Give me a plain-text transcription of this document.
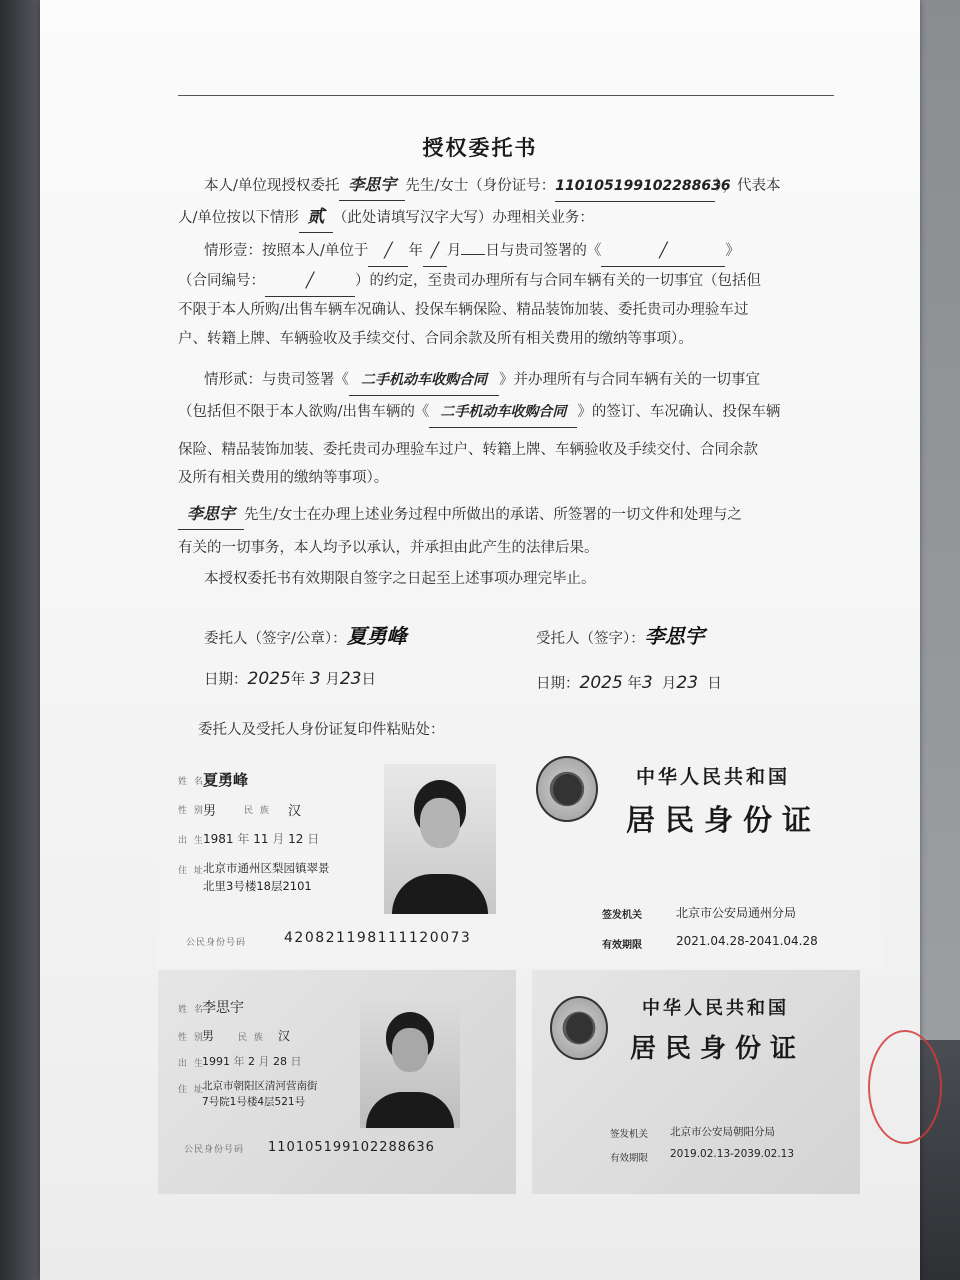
授权委托书
本人/单位现授权委托 李思宇 先生/女士（身份证号：110105199102288636），代表本
人/单位按以下情形 贰 （此处请填写汉字大写）办理相关业务：
情形壹：按照本人/单位于 ╱ 年 ╱ 月 日与贵司签署的《	╱	》
（合同编号：	╱	）的约定，至贵司办理所有与合同车辆有关的一切事宜（包括但
不限于本人所购/出售车辆车况确认、投保车辆保险、精品装饰加装、委托贵司办理验车过
户、转籍上牌、车辆验收及手续交付、合同余款及所有相关费用的缴纳等事项）。
情形贰：与贵司签署《 二手机动车收购合同 》并办理所有与合同车辆有关的一切事宜
（包括但不限于本人欲购/出售车辆的《 二手机动车收购合同 》的签订、车况确认、投保车辆
保险、精品装饰加装、委托贵司办理验车过户、转籍上牌、车辆验收及手续交付、合同余款
及所有相关费用的缴纳等事项）。
李思宇 先生/女士在办理上述业务过程中所做出的承诺、所签署的一切文件和处理与之
有关的一切事务，本人均予以承认，并承担由此产生的法律后果。
本授权委托书有效期限自签字之日起至上述事项办理完毕止。
委托人（签字/公章）：夏勇峰	受托人（签字）：李思宇
日期：2025年 3 月23日	日期：2025 年3 月23 日
委托人及受托人身份证复印件粘贴处：
姓 名
夏勇峰
性 别
男	民 族 汉
出 生
1981 年 11 月 12 日
住 址
北京市通州区梨园镇翠景
北里3号楼18层2101
公民身份号码	420821198111120073
中华人民共和国
居民身份证
签发机关	北京市公安局通州分局
有效期限	2021.04.28-2041.04.28
姓 名
李思宇
性 别
男	民 族 汉
出 生
1991 年 2 月 28 日
住 址
北京市朝阳区清河营南街
7号院1号楼4层521号
公民身份号码 110105199102288636
中华人民共和国
居民身份证
签发机关 北京市公安局朝阳分局
有效期限 2019.02.13-2039.02.13
